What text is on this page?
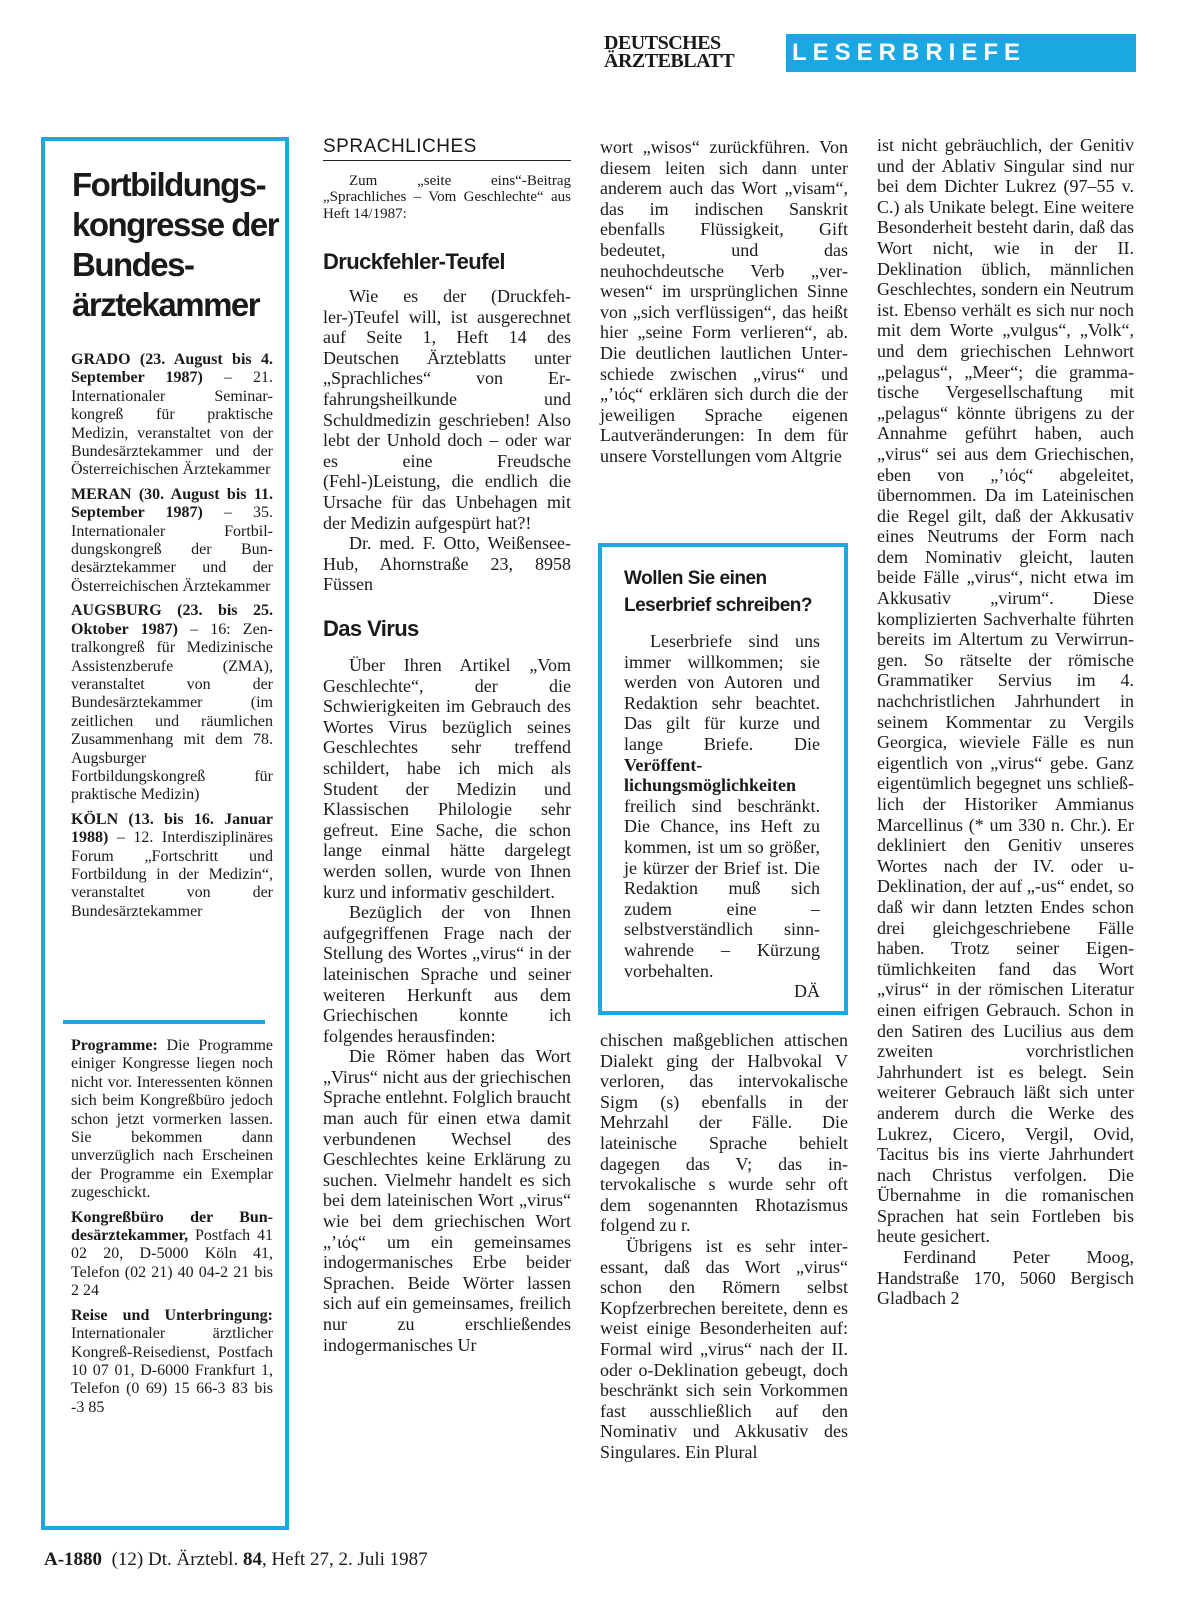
DEUTSCHES
ÄRZTEBLATT	LESERBRIEFE
Fortbildungskongresse der Bundesärztekammer

GRADO (23. August bis 4. September 1987) – 21. Internationaler Seminarkongreß für praktische Medizin, veranstaltet von der Bundesärztekammer und der Österreichischen Ärztekammer

MERAN (30. August bis 11. September 1987) – 35. Internationaler Fortbildungskongreß der Bundesärztekammer und der Österreichischen Ärztekammer

AUGSBURG (23. bis 25. Oktober 1987) – 16: Zentralkongreß für Medizinische Assistenzberufe (ZMA), veranstaltet von der Bundesärztekammer (im zeitlichen und räumlichen Zusammenhang mit dem 78. Augsburger Fortbildungskongreß für praktische Medizin)

KÖLN (13. bis 16. Januar 1988) – 12. Interdisziplinäres Forum „Fortschritt und Fortbildung in der Medizin“, veranstaltet von der Bundesärztekammer

Programme: Die Programme einiger Kongresse liegen noch nicht vor. Interessenten können sich beim Kongreßbüro jedoch schon jetzt vormerken lassen. Sie bekommen dann unverzüglich nach Erscheinen der Programme ein Exemplar zugeschickt.

Kongreßbüro der Bundesärztekammer, Postfach 41 02 20, D-5000 Köln 41, Telefon (02 21) 40 04-2 21 bis 2 24

Reise und Unterbringung: Internationaler ärztlicher Kongreß-Reisedienst, Postfach 10 07 01, D-6000 Frankfurt 1, Telefon (0 69) 15 66-3 83 bis -3 85

SPRACHLICHES

Zum „seite eins“-Beitrag „Sprachliches – Vom Geschlechte“ aus Heft 14/1987:

Druckfehler-Teufel

Wie es der (Druckfehler-)Teufel will, ist ausgerechnet auf Seite 1, Heft 14 des Deutschen Ärzteblatts unter „Sprachliches“ von Erfahrungsheilkunde und Schuldmedizin geschrieben! Also lebt der Unhold doch – oder war es eine Freudsche (Fehl-)Leistung, die endlich die Ursache für das Unbehagen mit der Medizin aufgespürt hat?!

Dr. med. F. Otto, Weißensee-Hub, Ahornstraße 23, 8958 Füssen

Das Virus

Über Ihren Artikel „Vom Geschlechte“, der die Schwierigkeiten im Gebrauch des Wortes Virus bezüglich seines Geschlechtes sehr treffend schildert, habe ich mich als Student der Medizin und Klassischen Philologie sehr gefreut. Eine Sache, die schon lange einmal hätte dargelegt werden sollen, wurde von Ihnen kurz und informativ geschildert.

Bezüglich der von Ihnen aufgegriffenen Frage nach der Stellung des Wortes „virus“ in der lateinischen Sprache und seiner weiteren Herkunft aus dem Griechischen konnte ich folgendes herausfinden:

Die Römer haben das Wort „Virus“ nicht aus der griechischen Sprache entlehnt. Folglich braucht man auch für einen etwa damit verbundenen Wechsel des Geschlechtes keine Erklärung zu suchen. Vielmehr handelt es sich bei dem lateinischen Wort „virus“ wie bei dem griechischen Wort „’ιός“ um ein gemeinsames indogermanisches Erbe beider Sprachen. Beide Wörter lassen sich auf ein gemeinsames, freilich nur zu erschließendes indogermanisches Ur

wort „wisos“ zurückführen. Von diesem leiten sich dann unter anderem auch das Wort „visam“, das im indischen Sanskrit ebenfalls Flüssigkeit, Gift bedeutet, und das neuhochdeutsche Verb „verwesen“ im ursprünglichen Sinne von „sich verflüssigen“, das heißt hier „seine Form verlieren“, ab. Die deutlichen lautlichen Unterschiede zwischen „virus“ und „’ιός“ erklären sich durch die der jeweiligen Sprache eigenen Lautveränderungen: In dem für unsere Vorstellungen vom Altgrie

Wollen Sie einen Leserbrief schreiben?

Leserbriefe sind uns immer willkommen; sie werden von Autoren und Redaktion sehr beachtet. Das gilt für kurze und lange Briefe. Die Veröffentlichungsmöglichkeiten freilich sind beschränkt. Die Chance, ins Heft zu kommen, ist um so größer, je kürzer der Brief ist. Die Redaktion muß sich zudem eine – selbstverständlich sinnwahrende – Kürzung vorbehalten.

DÄ

chischen maßgeblichen attischen Dialekt ging der Halbvokal V verloren, das intervokalische Sigm (s) ebenfalls in der Mehrzahl der Fälle. Die lateinische Sprache behielt dagegen das V; das intervokalische s wurde sehr oft dem sogenannten Rhotazismus folgend zu r.

Übrigens ist es sehr interessant, daß das Wort „virus“ schon den Römern selbst Kopfzerbrechen bereitete, denn es weist einige Besonderheiten auf: Formal wird „virus“ nach der II. oder o-Deklination gebeugt, doch beschränkt sich sein Vorkommen fast ausschließlich auf den Nominativ und Akkusativ des Singulares. Ein Plural

ist nicht gebräuchlich, der Genitiv und der Ablativ Singular sind nur bei dem Dichter Lukrez (97–55 v. C.) als Unikate belegt. Eine weitere Besonderheit besteht darin, daß das Wort nicht, wie in der II. Deklination üblich, männlichen Geschlechtes, sondern ein Neutrum ist. Ebenso verhält es sich nur noch mit dem Worte „vulgus“, „Volk“, und dem griechischen Lehnwort „pelagus“, „Meer“; die grammatische Vergesellschaftung mit „pelagus“ könnte übrigens zu der Annahme geführt haben, auch „virus“ sei aus dem Griechischen, eben von „’ιός“ abgeleitet, übernommen. Da im Lateinischen die Regel gilt, daß der Akkusativ eines Neutrums der Form nach dem Nominativ gleicht, lauten beide Fälle „virus“, nicht etwa im Akkusativ „virum“. Diese komplizierten Sachverhalte führten bereits im Altertum zu Verwirrungen. So rätselte der römische Grammatiker Servius im 4. nachchristlichen Jahrhundert in seinem Kommentar zu Vergils Georgica, wieviele Fälle es nun eigentlich von „virus“ gebe. Ganz eigentümlich begegnet uns schließlich der Historiker Ammianus Marcellinus (* um 330 n. Chr.). Er dekliniert den Genitiv unseres Wortes nach der IV. oder u-Deklination, der auf „-us“ endet, so daß wir dann letzten Endes schon drei gleichgeschriebene Fälle haben. Trotz seiner Eigentümlichkeiten fand das Wort „virus“ in der römischen Literatur einen eifrigen Gebrauch. Schon in den Satiren des Lucilius aus dem zweiten vorchristlichen Jahrhundert ist es belegt. Sein weiterer Gebrauch läßt sich unter anderem durch die Werke des Lukrez, Cicero, Vergil, Ovid, Tacitus bis ins vierte Jahrhundert nach Christus verfolgen. Die Übernahme in die romanischen Sprachen hat sein Fortleben bis heute gesichert.

Ferdinand Peter Moog, Handstraße 170, 5060 Bergisch Gladbach 2

A-1880 (12) Dt. Ärztebl. 84, Heft 27, 2. Juli 1987
